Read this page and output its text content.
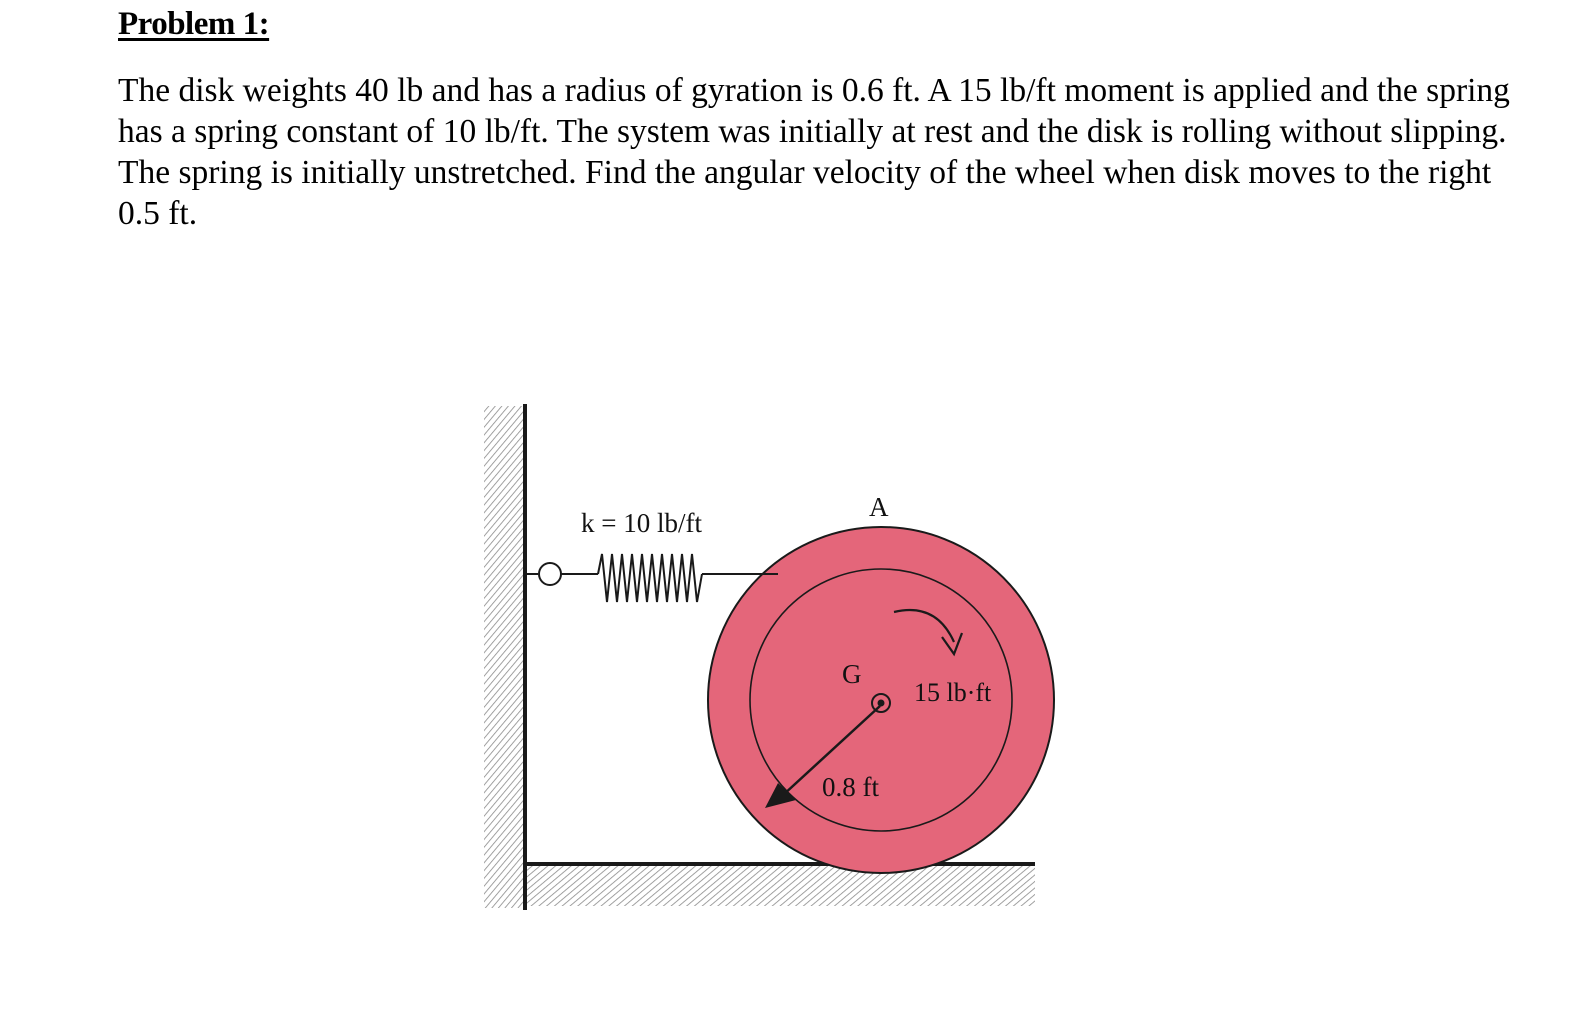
Problem 1:

The disk weights 40 lb and has a radius of gyration is 0.6 ft. A 15 lb/ft moment is applied and the spring has a spring constant of 10 lb/ft. The system was initially at rest and the disk is rolling without slipping. The spring is initially unstretched. Find the angular velocity of the wheel when disk moves to the right 0.5 ft.

k = 10 lb/ft
A
G
15 lb·ft
0.8 ft
